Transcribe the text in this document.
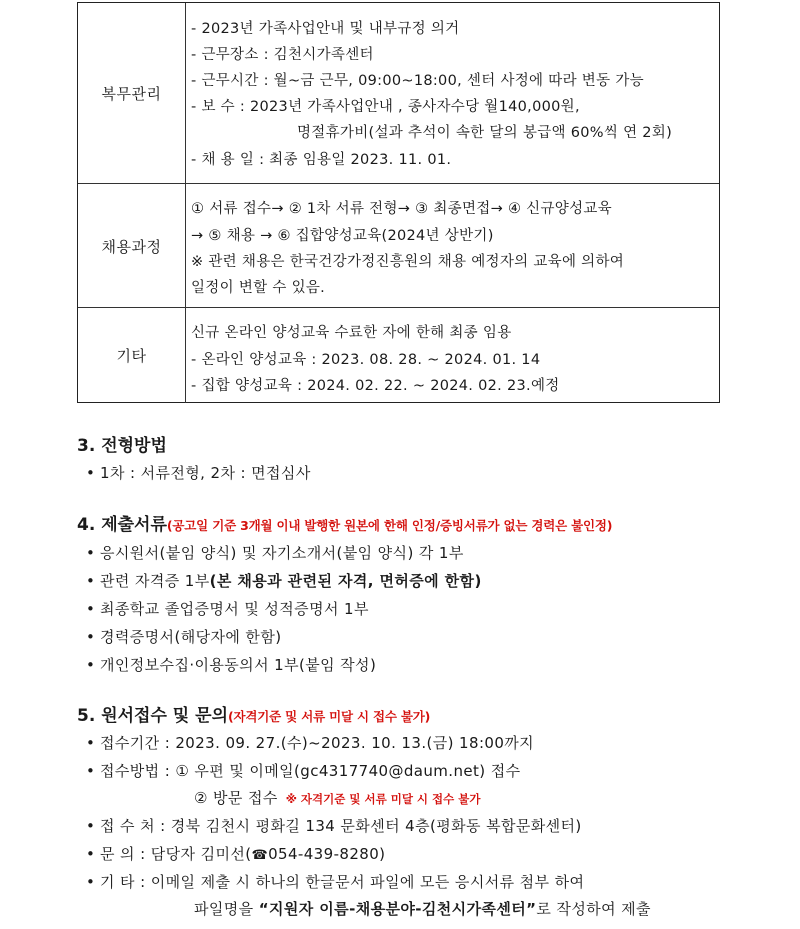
복무관리
- 2023년 가족사업안내 및 내부규정 의거
- 근무장소 : 김천시가족센터
- 근무시간 : 월~금 근무, 09:00~18:00, 센터 사정에 따라 변동 가능
- 보 수 : 2023년 가족사업안내 , 종사자수당 월140,000원,
명절휴가비(설과 추석이 속한 달의 봉급액 60%씩 연 2회)
- 채 용 일 : 최종 임용일 2023. 11. 01.
채용과정
① 서류 접수→ ② 1차 서류 전형→ ③ 최종면접→ ④ 신규양성교육
→ ⑤ 채용 → ⑥ 집합양성교육(2024년 상반기)
※ 관련 채용은 한국건강가정진흥원의 채용 예정자의 교육에 의하여
일정이 변할 수 있음.
기타
신규 온라인 양성교육 수료한 자에 한해 최종 임용
- 온라인 양성교육 : 2023. 08. 28. ~ 2024. 01. 14
- 집합 양성교육 : 2024. 02. 22. ~ 2024. 02. 23.예정
3. 전형방법
• 1차 : 서류전형, 2차 : 면접심사
4. 제출서류(공고일 기준 3개월 이내 발행한 원본에 한해 인정/증빙서류가 없는 경력은 불인정)
• 응시원서(붙임 양식) 및 자기소개서(붙임 양식) 각 1부
• 관련 자격증 1부(본 채용과 관련된 자격, 면허증에 한함)
• 최종학교 졸업증명서 및 성적증명서 1부
• 경력증명서(해당자에 한함)
• 개인정보수집·이용동의서 1부(붙임 작성)
5. 원서접수 및 문의(자격기준 및 서류 미달 시 접수 불가)
• 접수기간 : 2023. 09. 27.(수)~2023. 10. 13.(금) 18:00까지
• 접수방법 : ① 우편 및 이메일(gc4317740@daum.net) 접수
② 방문 접수 ※ 자격기준 및 서류 미달 시 접수 불가
• 접 수 처 : 경북 김천시 평화길 134 문화센터 4층(평화동 복합문화센터)
• 문 의 : 담당자 김미선(☎054-439-8280)
• 기 타 : 이메일 제출 시 하나의 한글문서 파일에 모든 응시서류 첨부 하여
파일명을 “지원자 이름-채용분야-김천시가족센터”로 작성하여 제출
